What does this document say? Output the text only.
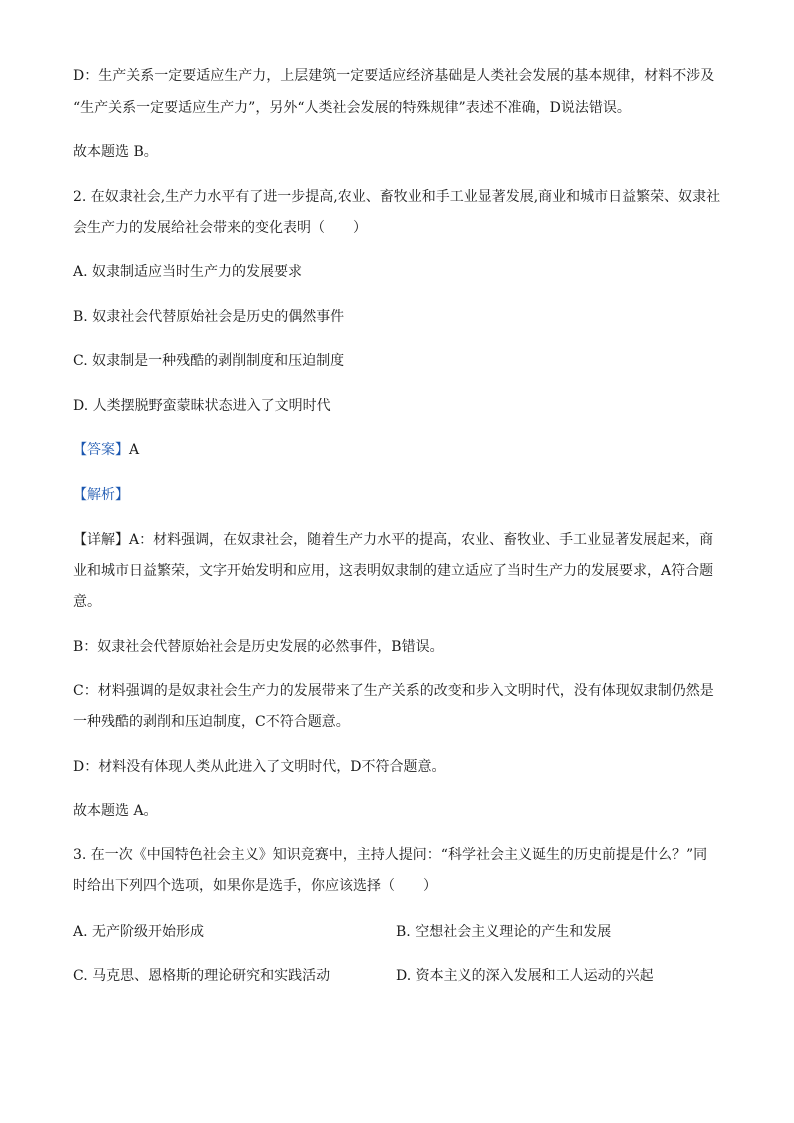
D：生产关系一定要适应生产力，上层建筑一定要适应经济基础是人类社会发展的基本规律，材料不涉及
“生产关系一定要适应生产力”，另外“人类社会发展的特殊规律”表述不准确，D说法错误。
故本题选 B。
2. 在奴隶社会,生产力水平有了进一步提高,农业、畜牧业和手工业显著发展,商业和城市日益繁荣、奴隶社
会生产力的发展给社会带来的变化表明（　　）
A. 奴隶制适应当时生产力的发展要求
B. 奴隶社会代替原始社会是历史的偶然事件
C. 奴隶制是一种残酷的剥削制度和压迫制度
D. 人类摆脱野蛮蒙昧状态进入了文明时代
【答案】A
【解析】
【详解】A：材料强调，在奴隶社会，随着生产力水平的提高，农业、畜牧业、手工业显著发展起来，商
业和城市日益繁荣，文字开始发明和应用，这表明奴隶制的建立适应了当时生产力的发展要求，A符合题
意。
B：奴隶社会代替原始社会是历史发展的必然事件，B错误。
C：材料强调的是奴隶社会生产力的发展带来了生产关系的改变和步入文明时代，没有体现奴隶制仍然是
一种残酷的剥削和压迫制度，C不符合题意。
D：材料没有体现人类从此进入了文明时代，D不符合题意。
故本题选 A。
3. 在一次《中国特色社会主义》知识竞赛中，主持人提问：“科学社会主义诞生的历史前提是什么？”同
时给出下列四个选项，如果你是选手，你应该选择（　　）
A. 无产阶级开始形成	B. 空想社会主义理论的产生和发展
C. 马克思、恩格斯的理论研究和实践活动	D. 资本主义的深入发展和工人运动的兴起
